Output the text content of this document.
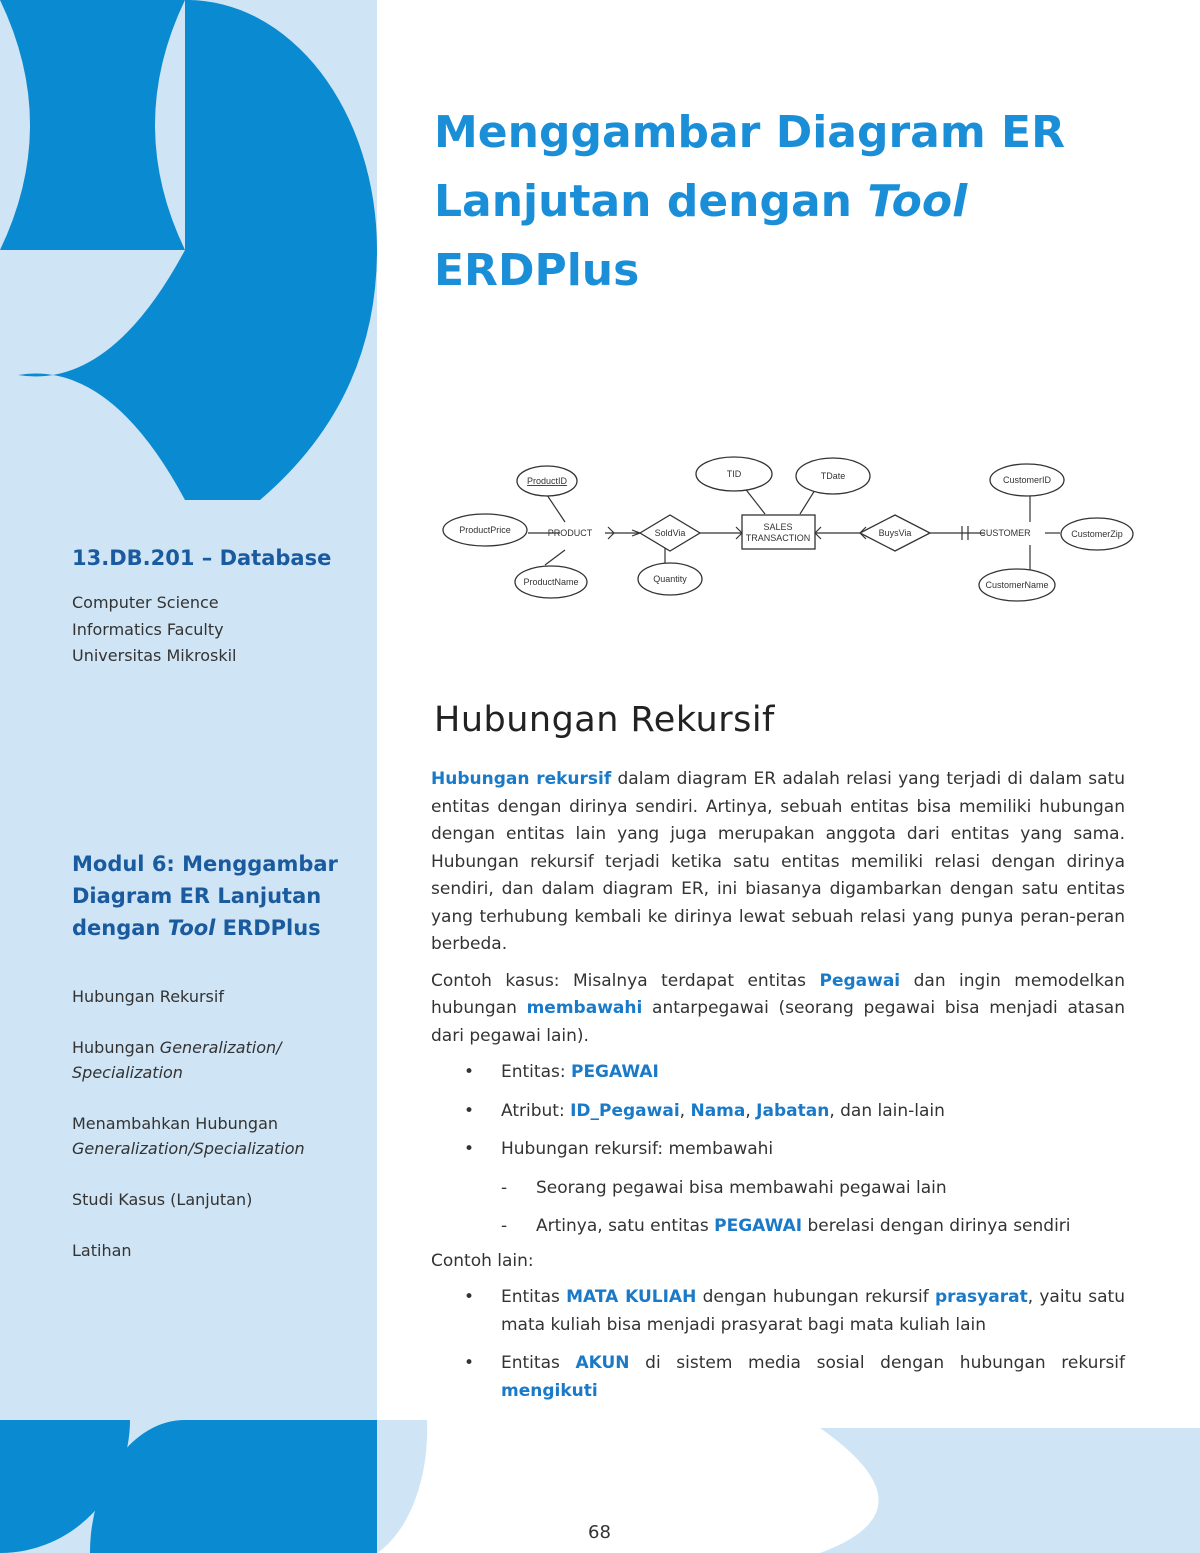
13.DB.201 – Database
Computer Science
Informatics Faculty
Universitas Mikroskil
Modul 6: Menggambar Diagram ER Lanjutan dengan Tool ERDPlus
Hubungan Rekursif
Hubungan Generalization/ Specialization
Menambahkan Hubungan
Generalization/Specialization
Studi Kasus (Lanjutan)
Latihan
Menggambar Diagram ER Lanjutan dengan Tool ERDPlus
ProductID
ProductPrice	PRODUCT
ProductName
SoldVia
Quantity
SALES
TRANSACTION
TID	TDate
BuysVia	CUSTOMER
CustomerID
CustomerZip
CustomerName
Hubungan Rekursif

Hubungan rekursif dalam diagram ER adalah relasi yang terjadi di dalam satu entitas dengan dirinya sendiri. Artinya, sebuah entitas bisa memiliki hubungan dengan entitas lain yang juga merupakan anggota dari entitas yang sama. Hubungan rekursif terjadi ketika satu entitas memiliki relasi dengan dirinya sendiri, dan dalam diagram ER, ini biasanya digambarkan dengan satu entitas yang terhubung kembali ke dirinya lewat sebuah relasi yang punya peran-peran berbeda.

Contoh kasus: Misalnya terdapat entitas Pegawai dan ingin memodelkan hubungan membawahi antarpegawai (seorang pegawai bisa menjadi atasan dari pegawai lain).

• Entitas: PEGAWAI
• Atribut: ID_Pegawai, Nama, Jabatan, dan lain-lain
• Hubungan rekursif: membawahi
- Seorang pegawai bisa membawahi pegawai lain
- Artinya, satu entitas PEGAWAI berelasi dengan dirinya sendiri

Contoh lain:

• Entitas MATA KULIAH dengan hubungan rekursif prasyarat, yaitu satu mata kuliah bisa menjadi prasyarat bagi mata kuliah lain
• Entitas AKUN di sistem media sosial dengan hubungan rekursif mengikuti
68
